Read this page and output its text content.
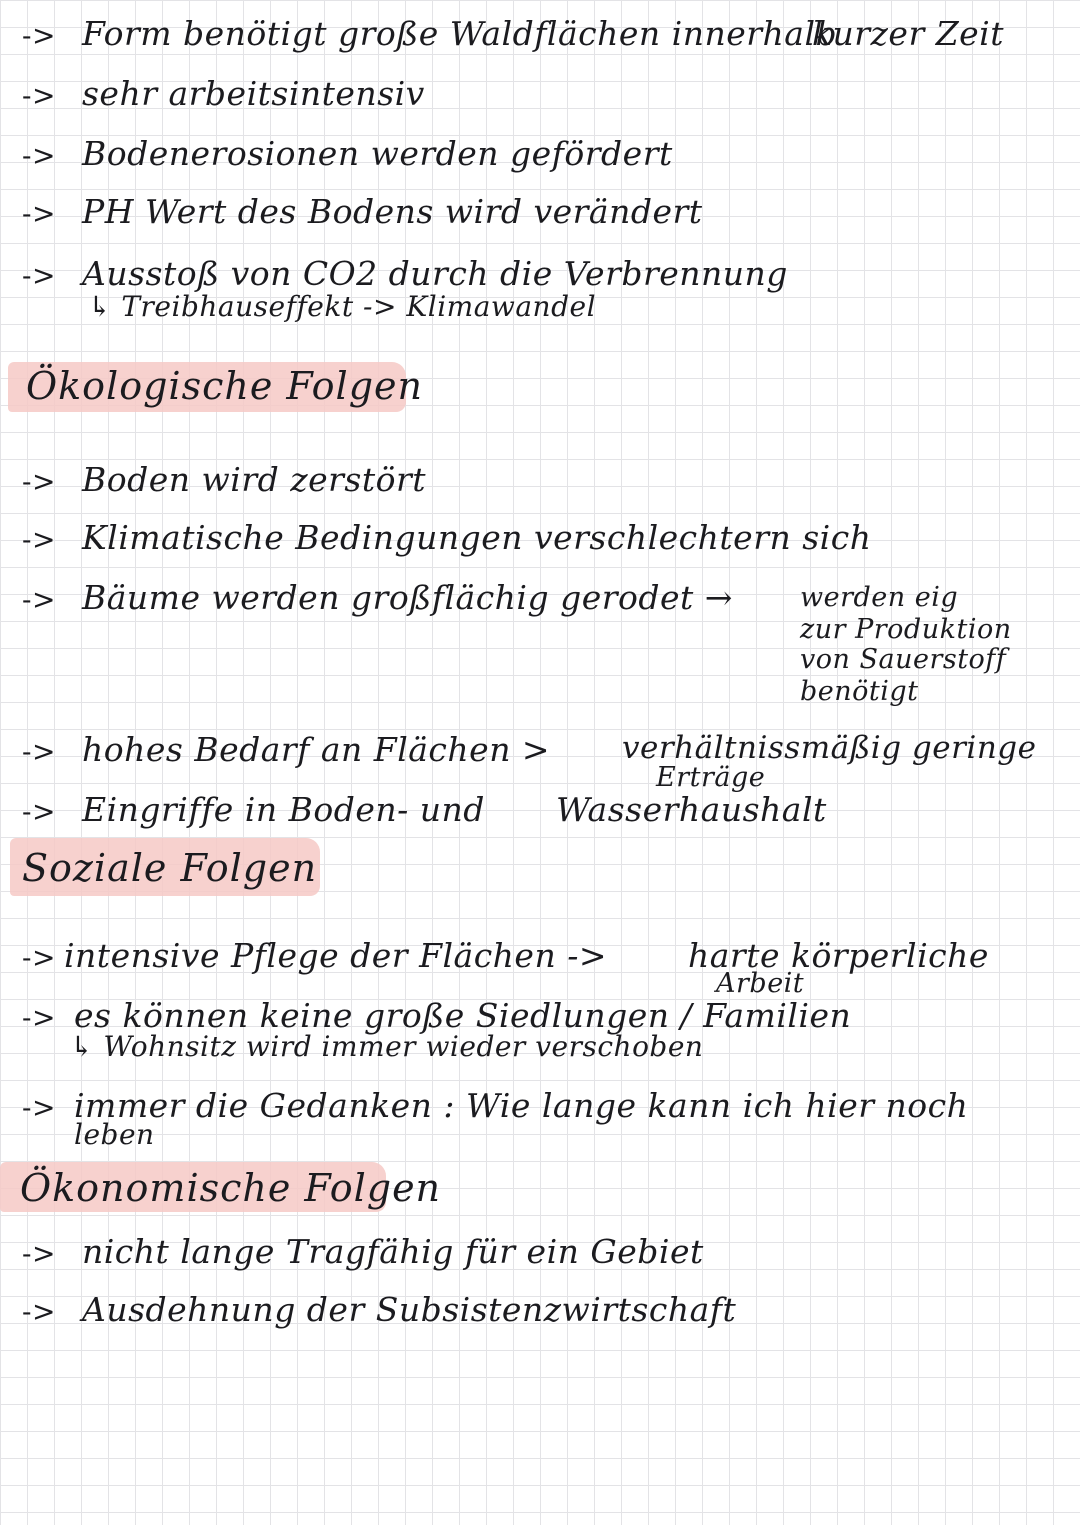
-> Form benötigt große Waldflächen innerhalb
kurzer Zeit
-> sehr arbeitsintensiv
-> Bodenerosionen werden gefördert
-> PH Wert des Bodens wird verändert
-> Ausstoß von CO2 durch die Verbrennung
↳ Treibhauseffekt -> Klimawandel
Ökologische Folgen
-> Boden wird zerstört
-> Klimatische Bedingungen verschlechtern sich
-> Bäume werden großflächig gerodet → werden eig
zur Produktion
von Sauerstoff
benötigt
-> hohes Bedarf an Flächen > verhältnissmäßig geringe
Erträge
-> Eingriffe in Boden- und Wasserhaushalt
Soziale Folgen
-> intensive Pflege der Flächen -> harte körperliche
Arbeit
-> es können keine große Siedlungen / Familien
↳ Wohnsitz wird immer wieder verschoben
-> immer die Gedanken : Wie lange kann ich hier noch
leben
Ökonomische Folgen
-> nicht lange Tragfähig für ein Gebiet
-> Ausdehnung der Subsistenzwirtschaft
